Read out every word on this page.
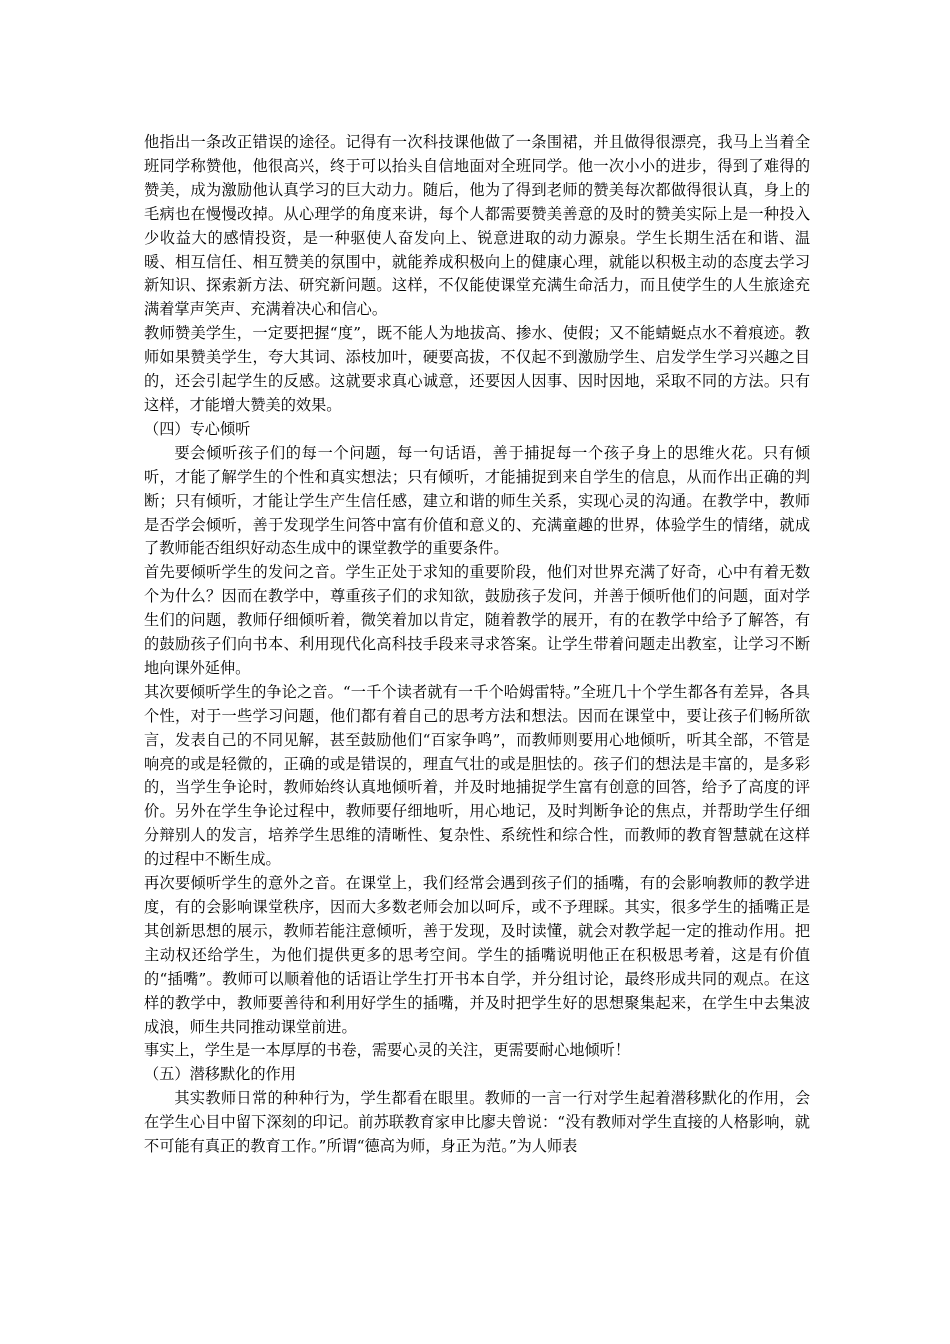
他指出一条改正错误的途径。记得有一次科技课他做了一条围裙，并且做得很漂亮，我马上当着全班同学称赞他，他很高兴，终于可以抬头自信地面对全班同学。他一次小小的进步，得到了难得的赞美，成为激励他认真学习的巨大动力。随后，他为了得到老师的赞美每次都做得很认真，身上的毛病也在慢慢改掉。从心理学的角度来讲，每个人都需要赞美善意的及时的赞美实际上是一种投入少收益大的感情投资，是一种驱使人奋发向上、锐意进取的动力源泉。学生长期生活在和谐、温暖、相互信任、相互赞美的氛围中，就能养成积极向上的健康心理，就能以积极主动的态度去学习新知识、探索新方法、研究新问题。这样，不仅能使课堂充满生命活力，而且使学生的人生旅途充满着掌声笑声、充满着决心和信心。

教师赞美学生，一定要把握“度”，既不能人为地拔高、掺水、使假；又不能蜻蜓点水不着痕迹。教师如果赞美学生，夸大其词、添枝加叶，硬要高拔，不仅起不到激励学生、启发学生学习兴趣之目的，还会引起学生的反感。这就要求真心诚意，还要因人因事、因时因地，采取不同的方法。只有这样，才能增大赞美的效果。

（四）专心倾听

要会倾听孩子们的每一个问题，每一句话语，善于捕捉每一个孩子身上的思维火花。只有倾听，才能了解学生的个性和真实想法；只有倾听，才能捕捉到来自学生的信息，从而作出正确的判断；只有倾听，才能让学生产生信任感，建立和谐的师生关系，实现心灵的沟通。在教学中，教师是否学会倾听，善于发现学生问答中富有价值和意义的、充满童趣的世界，体验学生的情绪，就成了教师能否组织好动态生成中的课堂教学的重要条件。

首先要倾听学生的发问之音。学生正处于求知的重要阶段，他们对世界充满了好奇，心中有着无数个为什么？因而在教学中，尊重孩子们的求知欲，鼓励孩子发问，并善于倾听他们的问题，面对学生们的问题，教师仔细倾听着，微笑着加以肯定，随着教学的展开，有的在教学中给予了解答，有的鼓励孩子们向书本、利用现代化高科技手段来寻求答案。让学生带着问题走出教室，让学习不断地向课外延伸。

其次要倾听学生的争论之音。“一千个读者就有一千个哈姆雷特。”全班几十个学生都各有差异，各具个性，对于一些学习问题，他们都有着自己的思考方法和想法。因而在课堂中，要让孩子们畅所欲言，发表自己的不同见解，甚至鼓励他们“百家争鸣”，而教师则要用心地倾听，听其全部，不管是响亮的或是轻微的，正确的或是错误的，理直气壮的或是胆怯的。孩子们的想法是丰富的，是多彩的，当学生争论时，教师始终认真地倾听着，并及时地捕捉学生富有创意的回答，给予了高度的评价。另外在学生争论过程中，教师要仔细地听，用心地记，及时判断争论的焦点，并帮助学生仔细分辩别人的发言，培养学生思维的清晰性、复杂性、系统性和综合性，而教师的教育智慧就在这样的过程中不断生成。

再次要倾听学生的意外之音。在课堂上，我们经常会遇到孩子们的插嘴，有的会影响教师的教学进度，有的会影响课堂秩序，因而大多数老师会加以呵斥，或不予理睬。其实，很多学生的插嘴正是其创新思想的展示，教师若能注意倾听，善于发现，及时读懂，就会对教学起一定的推动作用。把主动权还给学生，为他们提供更多的思考空间。学生的插嘴说明他正在积极思考着，这是有价值的“插嘴”。教师可以顺着他的话语让学生打开书本自学，并分组讨论，最终形成共同的观点。在这样的教学中，教师要善待和利用好学生的插嘴，并及时把学生好的思想聚集起来，在学生中去集波成浪，师生共同推动课堂前进。

事实上，学生是一本厚厚的书卷，需要心灵的关注，更需要耐心地倾听！

（五）潜移默化的作用

其实教师日常的种种行为，学生都看在眼里。教师的一言一行对学生起着潜移默化的作用，会在学生心目中留下深刻的印记。前苏联教育家申比廖夫曾说：“没有教师对学生直接的人格影响，就不可能有真正的教育工作。”所谓“德高为师，身正为范。”为人师表
